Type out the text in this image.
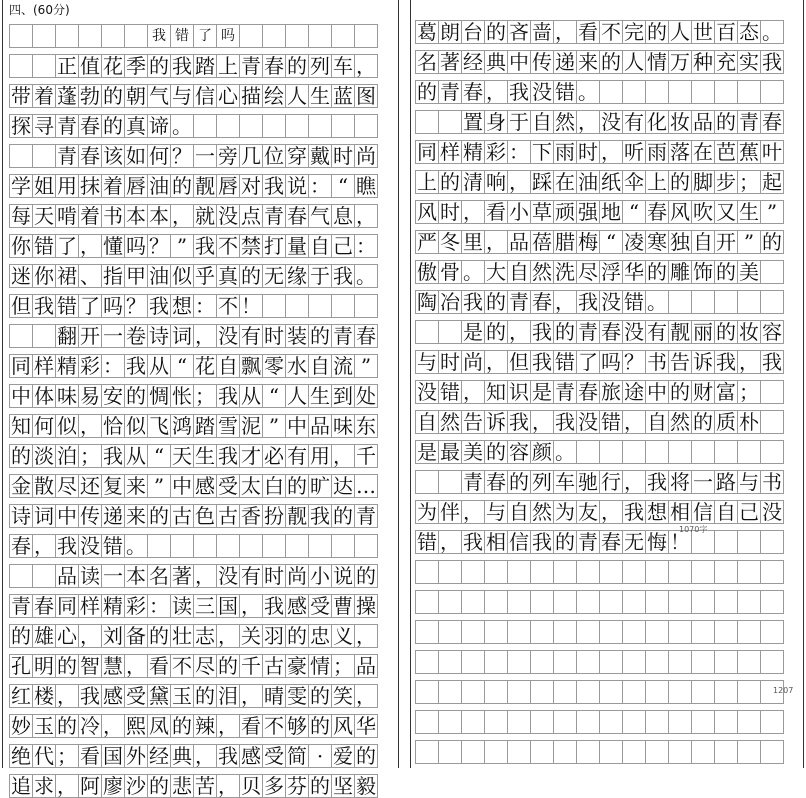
四、(60分)
我 错 了 吗
正 值 花 季 的 我 踏 上 青 春 的 列 车 ，
带 着 蓬 勃 的 朝 气 与 信 心 描 绘 人 生 蓝 图
探 寻 青 春 的 真 谛 。
青 春 该 如 何 ？ 一 旁 几 位 穿 戴 时 尚
学 姐 用 抹 着 唇 油 的 靓 唇 对 我 说 ： “ 瞧
每 天 啃 着 书 本 本 ， 就 没 点 青 春 气 息 ，
你 错 了 ， 懂 吗 ？ ” 我 不 禁 打 量 自 己 ：
迷 你 裙 、 指 甲 油 似 乎 真 的 无 缘 于 我 。
但 我 错 了 吗 ？ 我 想 ： 不 ！
翻 开 一 卷 诗 词 ， 没 有 时 装 的 青 春
同 样 精 彩 ： 我 从 “ 花 自 飘 零 水 自 流 ”
中 体 味 易 安 的 惆 怅 ； 我 从 “ 人 生 到 处
知 何 似 ， 恰 似 飞 鸿 踏 雪 泥 ” 中 品 味 东
的 淡 泊 ； 我 从 “ 天 生 我 才 必 有 用 ， 千
金 散 尽 还 复 来 ” 中 感 受 太 白 的 旷 达 …
诗 词 中 传 递 来 的 古 色 古 香 扮 靓 我 的 青
春 ， 我 没 错 。
品 读 一 本 名 著 ， 没 有 时 尚 小 说 的
青 春 同 样 精 彩 ： 读 三 国 ， 我 感 受 曹 操
的 雄 心 ， 刘 备 的 壮 志 ， 关 羽 的 忠 义 ，
孔 明 的 智 慧 ， 看 不 尽 的 千 古 豪 情 ； 品
红 楼 ， 我 感 受 黛 玉 的 泪 ， 晴 雯 的 笑 ，
妙 玉 的 冷 ， 熙 凤 的 辣 ， 看 不 够 的 风 华
绝 代 ； 看 国 外 经 典 ， 我 感 受 简 · 爱 的
追 求 ， 阿 廖 沙 的 悲 苦 ， 贝 多 芬 的 坚 毅
葛 朗 台 的 吝 啬 ， 看 不 完 的 人 世 百 态 。
名 著 经 典 中 传 递 来 的 人 情 万 种 充 实 我
的 青 春 ， 我 没 错 。
置 身 于 自 然 ， 没 有 化 妆 品 的 青 春
同 样 精 彩 ： 下 雨 时 ， 听 雨 落 在 芭 蕉 叶
上 的 清 响 ， 踩 在 油 纸 伞 上 的 脚 步 ； 起
风 时 ， 看 小 草 顽 强 地 “ 春 风 吹 又 生 ”
严 冬 里 ， 品 蓓 腊 梅 “ 凌 寒 独 自 开 ” 的
傲 骨 。 大 自 然 洗 尽 浮 华 的 雕 饰 的 美
陶 冶 我 的 青 春 ， 我 没 错 。
是 的 ， 我 的 青 春 没 有 靓 丽 的 妆 容
与 时 尚 ， 但 我 错 了 吗 ？ 书 告 诉 我 ， 我
没 错 ， 知 识 是 青 春 旅 途 中 的 财 富 ；
自 然 告 诉 我 ， 我 没 错 ， 自 然 的 质 朴
是 最 美 的 容 颜 。
青 春 的 列 车 驰 行 ， 我 将 一 路 与 书
为 伴 ， 与 自 然 为 友 ， 我 想 相 信 自 己 没
错 ， 我 相 信 我 的 青 春 无 悔 ！
1070字
1207
